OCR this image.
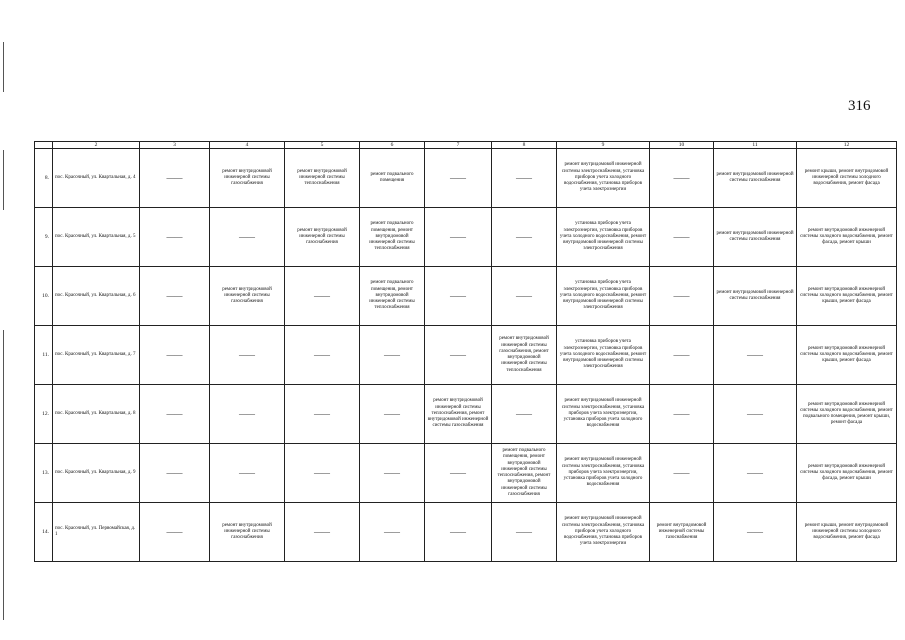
316
	2	3	4	5	6	7	8	9	10	11	12
8.	пос. Красочный, ул. Квартальная, д. 4	——	ремонт внутридомовой инженерной системы газоснабжения	ремонт внутридомовой инженерной системы теплоснабжения	ремонт подвального помещения	——	——	ремонт внутридомовой инженерной системы электроснабжения, установка приборов учета холодного водоснабжения, установка приборов учета электроэнергии	——	ремонт внутридомовой инженерной системы газоснабжения	ремонт крыши, ремонт внутридомовой инженерной системы холодного водоснабжения, ремонт фасада
9.	пос. Красочный, ул. Квартальная, д. 5	——	——	ремонт внутридомовой инженерной системы газоснабжения	ремонт подвального помещения, ремонт внутридомовой инженерной системы теплоснабжения	——	——	установка приборов учета электроэнергии, установка приборов учета холодного водоснабжения, ремонт внутридомовой инженерной системы электроснабжения	——	ремонт внутридомовой инженерной системы газоснабжения	ремонт внутридомовой инженерной системы холодного водоснабжения, ремонт фасада, ремонт крыши
10.	пос. Красочный, ул. Квартальная, д. 6	——	ремонт внутридомовой инженерной системы газоснабжения	——	ремонт подвального помещения, ремонт внутридомовой инженерной системы теплоснабжения	——	——	установка приборов учета электроэнергии, установка приборов учета холодного водоснабжения, ремонт внутридомовой инженерной системы электроснабжения	——	ремонт внутридомовой инженерной системы газоснабжения	ремонт внутридомовой инженерной системы холодного водоснабжения, ремонт крыши, ремонт фасада
11.	пос. Красочный, ул. Квартальная, д. 7	——	——	——	——	——	ремонт внутридомовой инженерной системы газоснабжения, ремонт внутридомовой инженерной системы теплоснабжения	установка приборов учета электроэнергии, установка приборов учета холодного водоснабжения, ремонт внутридомовой инженерной системы электроснабжения	——	——	ремонт внутридомовой инженерной системы холодного водоснабжения, ремонт крыши, ремонт фасада
12.	пос. Красочный, ул. Квартальная, д. 8	——	——	——	——	ремонт внутридомовой инженерной системы теплоснабжения, ремонт внутридомовой инженерной системы газоснабжения	——	ремонт внутридомовой инженерной системы электроснабжения, установка приборов учета электроэнергии, установка приборов учета холодного водоснабжения	——	——	ремонт внутридомовой инженерной системы холодного водоснабжения, ремонт подвального помещения, ремонт крыши, ремонт фасада
13.	пос. Красочный, ул. Квартальная, д. 9	——	——	——	——	——	ремонт подвального помещения, ремонт внутридомовой инженерной системы теплоснабжения, ремонт внутридомовой инженерной системы газоснабжения	ремонт внутридомовой инженерной системы электроснабжения, установка приборов учета электроэнергии, установка приборов учета холодного водоснабжения	——	——	ремонт внутридомовой инженерной системы холодного водоснабжения, ремонт фасада, ремонт крыши
14.	пос. Красочный, ул. Первомайская, д. 1	——	ремонт внутридомовой инженерной системы газоснабжения	——	——	——	——	ремонт внутридомовой инженерной системы электроснабжения, установка приборов учета холодного водоснабжения, установка приборов учета электроэнергии	ремонт внутридомовой инженерной системы газоснабжения	——	ремонт крыши, ремонт внутридомовой инженерной системы холодного водоснабжения, ремонт фасада
